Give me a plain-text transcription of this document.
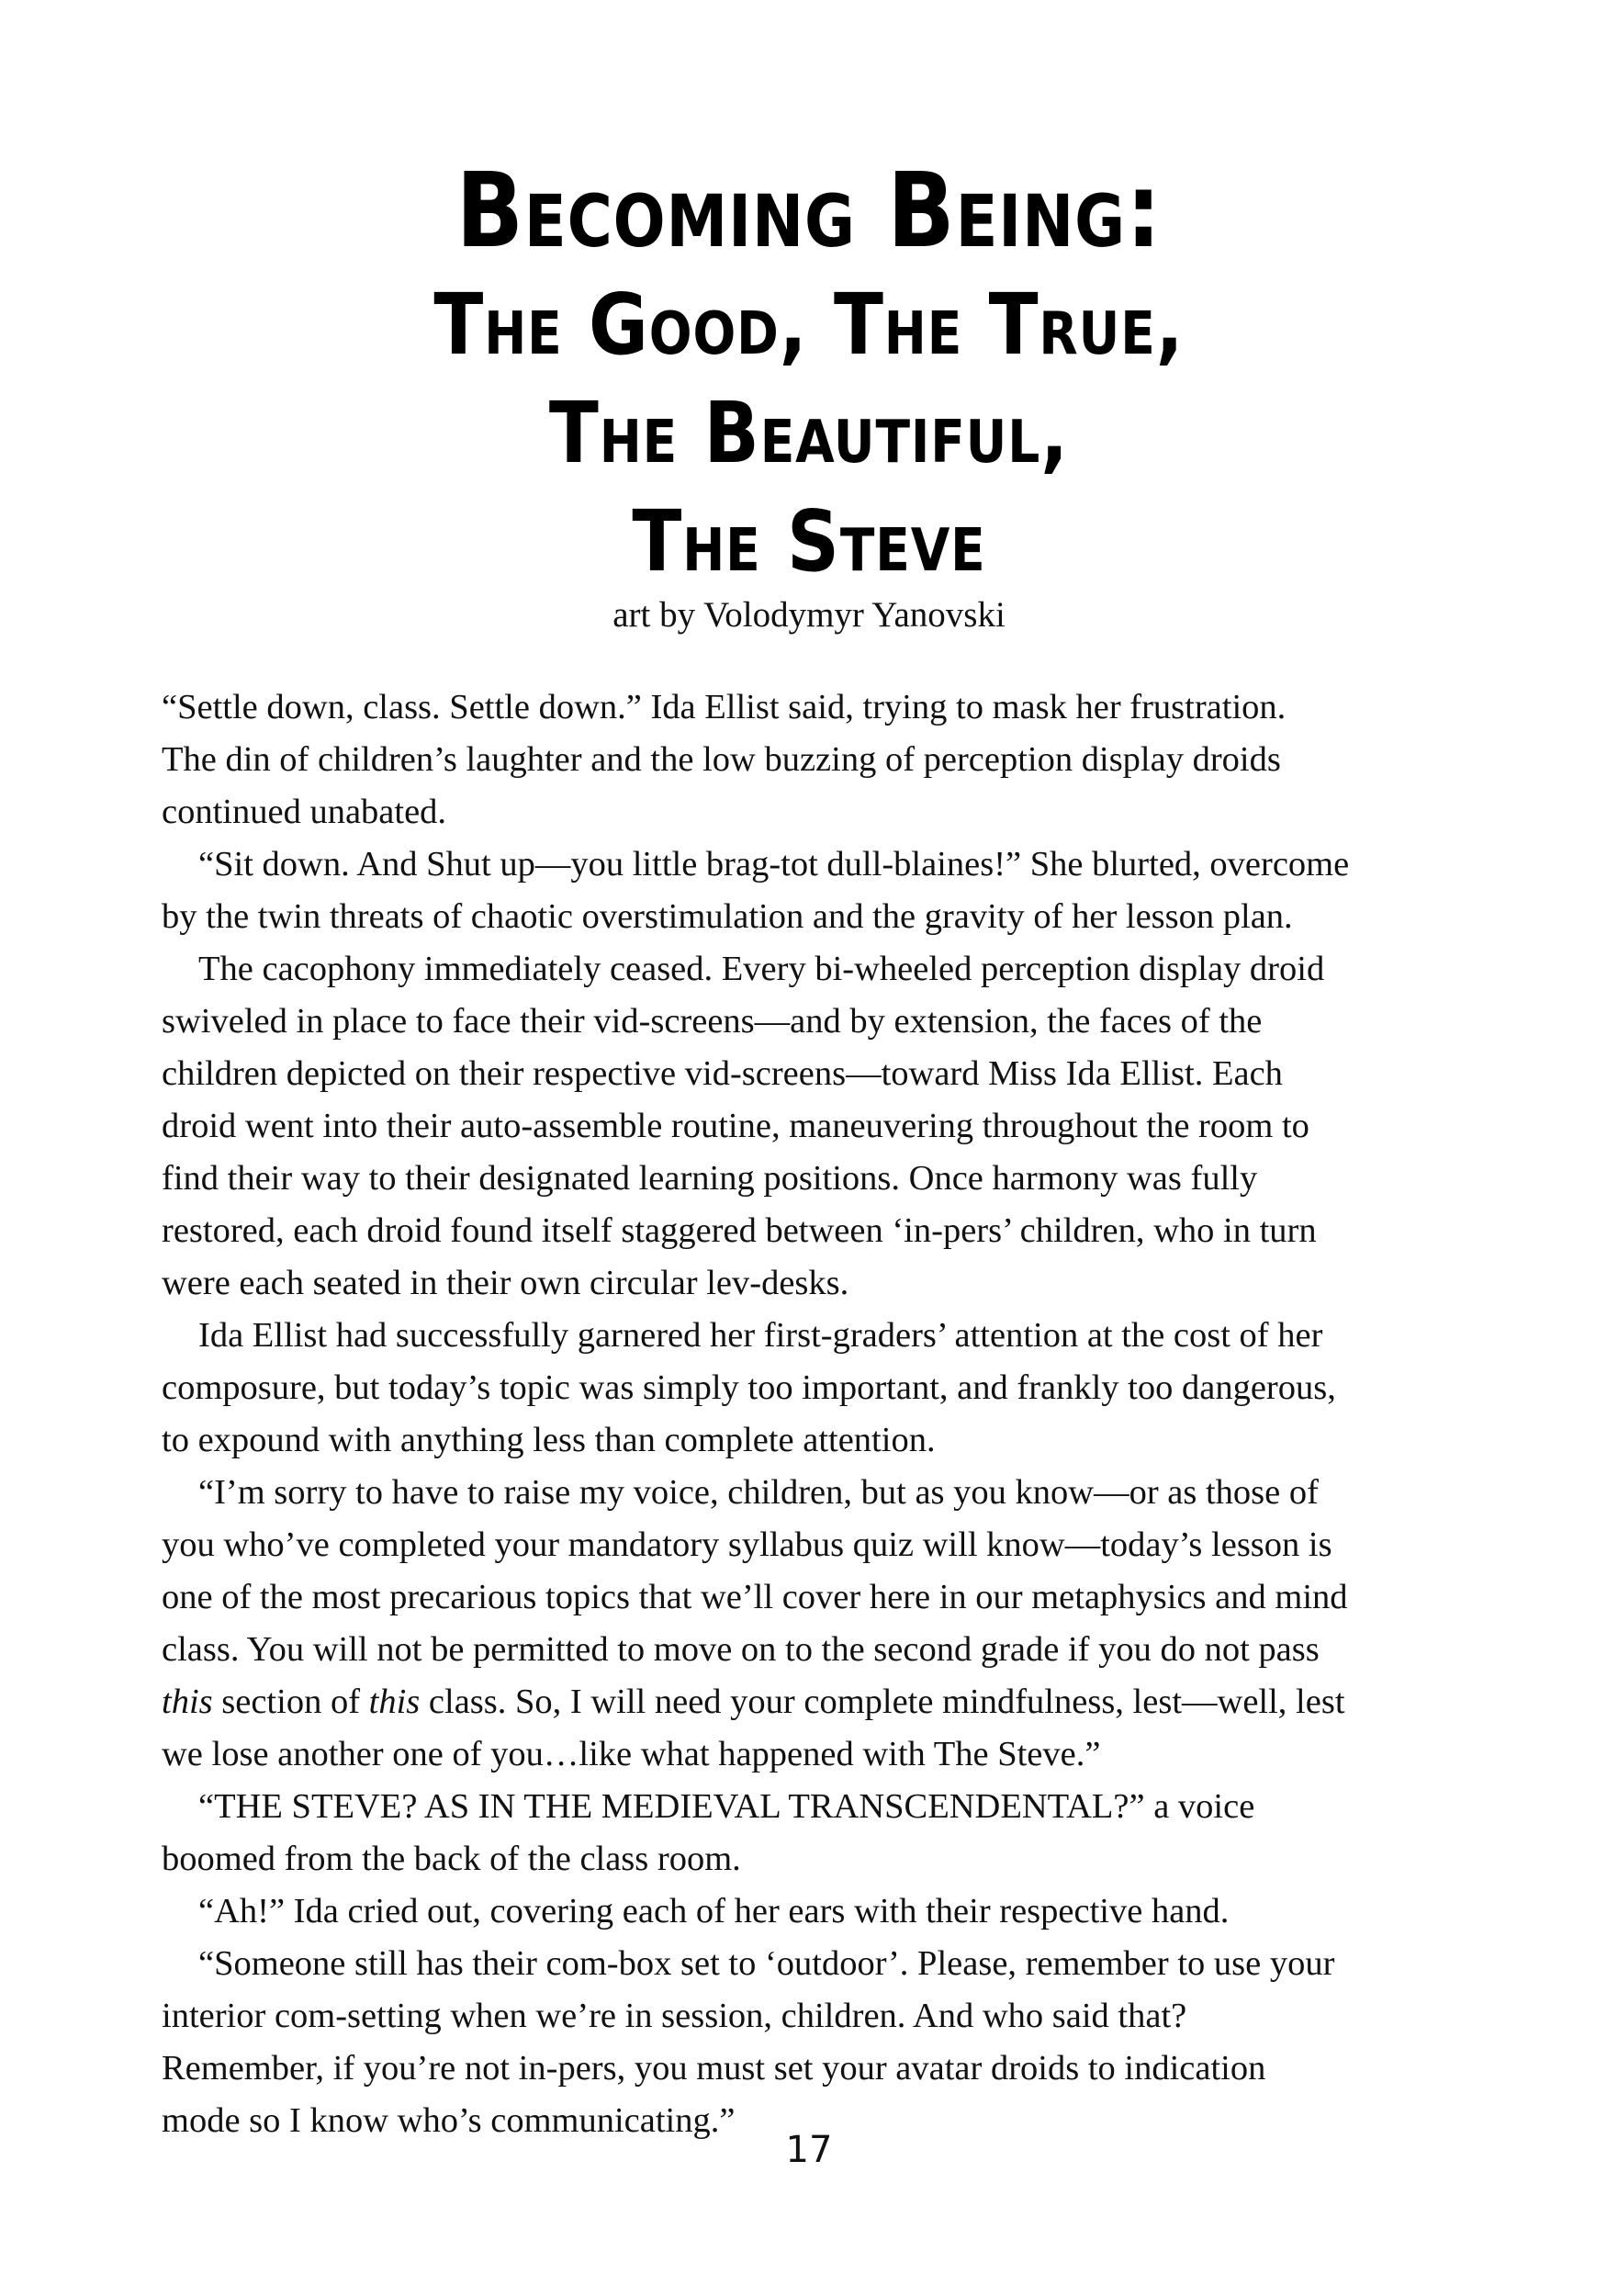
Becoming Being:
The Good, The True,
The Beautiful,
The Steve
art by Volodymyr Yanovski

“Settle down, class. Settle down.” Ida Ellist said, trying to mask her frustration.

The din of children’s laughter and the low buzzing of perception display droids

continued unabated.

“Sit down. And Shut up—you little brag-tot dull-blaines!” She blurted, overcome

by the twin threats of chaotic overstimulation and the gravity of her lesson plan.

The cacophony immediately ceased. Every bi-wheeled perception display droid

swiveled in place to face their vid-screens—and by extension, the faces of the

children depicted on their respective vid-screens—toward Miss Ida Ellist. Each

droid went into their auto-assemble routine, maneuvering throughout the room to

find their way to their designated learning positions. Once harmony was fully

restored, each droid found itself staggered between ‘in-pers’ children, who in turn

were each seated in their own circular lev-desks.

Ida Ellist had successfully garnered her first-graders’ attention at the cost of her

composure, but today’s topic was simply too important, and frankly too dangerous,

to expound with anything less than complete attention.

“I’m sorry to have to raise my voice, children, but as you know—or as those of

you who’ve completed your mandatory syllabus quiz will know—today’s lesson is

one of the most precarious topics that we’ll cover here in our metaphysics and mind

class. You will not be permitted to move on to the second grade if you do not pass

this section of this class. So, I will need your complete mindfulness, lest—well, lest

we lose another one of you…like what happened with The Steve.”

“THE STEVE? AS IN THE MEDIEVAL TRANSCENDENTAL?” a voice

boomed from the back of the class room.

“Ah!” Ida cried out, covering each of her ears with their respective hand.

“Someone still has their com-box set to ‘outdoor’. Please, remember to use your

interior com-setting when we’re in session, children. And who said that?

Remember, if you’re not in-pers, you must set your avatar droids to indication

mode so I know who’s communicating.”

17
